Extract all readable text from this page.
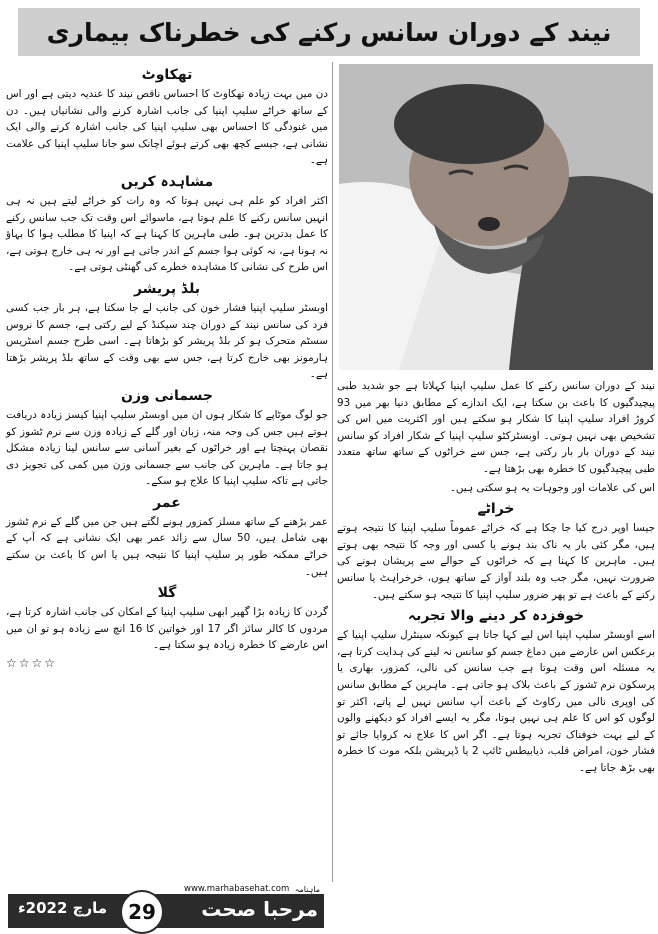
نیند کے دوران سانس رکنے کی خطرناک بیماری
تھکاوٹ

دن میں بہت زیادہ تھکاوٹ کا احساس ناقص نیند کا عندیہ دیتی ہے اور اس کے ساتھ خراٹے سلیپ اپنیا کی جانب اشارہ کرنے والی نشانیاں ہیں۔ دن میں غنودگی کا احساس بھی سلیپ اپنیا کی جانب اشارہ کرنے والی ایک نشانی ہے، جیسے کچھ بھی کرتے ہوئے اچانک سو جانا سلیپ اپنیا کی علامت ہے۔

مشاہدہ کریں

اکثر افراد کو علم ہی نہیں ہوتا کہ وہ رات کو خراٹے لیتے ہیں نہ ہی انہیں سانس رکنے کا علم ہوتا ہے، ماسوائے اس وقت تک جب سانس رکنے کا عمل بدترین ہو۔ طبی ماہرین کا کہنا ہے کہ اپنیا کا مطلب ہوا کا بہاؤ نہ ہونا ہے، نہ کوئی ہوا جسم کے اندر جاتی ہے اور نہ ہی خارج ہوتی ہے، اس طرح کی نشانی کا مشاہدہ خطرے کی گھنٹی ہوتی ہے۔

بلڈ پریشر

اوبسٹر سلیپ اپنیا فشار خون کی جانب لے جا سکتا ہے، ہر بار جب کسی فرد کی سانس نیند کے دوران چند سیکنڈ کے لیے رکتی ہے، جسم کا نروس سسٹم متحرک ہو کر بلڈ پریشر کو بڑھاتا ہے۔ اسی طرح جسم اسٹریس ہارمونز بھی خارج کرتا ہے، جس سے بھی وقت کے ساتھ بلڈ پریشر بڑھتا ہے۔

جسمانی وزن

جو لوگ موٹاپے کا شکار ہوں ان میں اوبسٹر سلیپ اپنیا کیسز زیادہ دریافت ہوتے ہیں جس کی وجہ منہ، زبان اور گلے کے زیادہ وزن سے نرم ٹشوز کو نقصان پہنچتا ہے اور خراٹوں کے بغیر آسانی سے سانس لینا زیادہ مشکل ہو جاتا ہے۔ ماہرین کی جانب سے جسمانی وزن میں کمی کی تجویز دی جاتی ہے تاکہ سلیپ اپنیا کا علاج ہو سکے۔

عمر

عمر بڑھنے کے ساتھ مسلز کمزور ہونے لگتے ہیں جن میں گلے کے نرم ٹشوز بھی شامل ہیں، 50 سال سے زائد عمر بھی ایک نشانی ہے کہ آپ کے خراٹے ممکنہ طور پر سلیپ اپنیا کا نتیجہ ہیں یا اس کا باعث بن سکتے ہیں۔

گلا

گردن کا زیادہ بڑا گھیر ابھی سلیپ اپنیا کے امکان کی جانب اشارہ کرتا ہے، مردوں کا کالر سائز اگر 17 اور خواتین کا 16 انچ سے زیادہ ہو تو ان میں اس عارضے کا خطرہ زیادہ ہو سکتا ہے۔

☆☆☆☆

نیند کے دوران سانس رکنے کا عمل سلیپ اپنیا کہلاتا ہے جو شدید طبی پیچیدگیوں کا باعث بن سکتا ہے، ایک اندازے کے مطابق دنیا بھر میں 93 کروڑ افراد سلیپ اپنیا کا شکار ہو سکتے ہیں اور اکثریت میں اس کی تشخیص بھی نہیں ہوتی۔ اوبسٹرکٹو سلیپ اپنیا کے شکار افراد کو سانس نیند کے دوران بار بار رکتی ہے، جس سے خراٹوں کے ساتھ ساتھ متعدد طبی پیچیدگیوں کا خطرہ بھی بڑھتا ہے۔

اس کی علامات اور وجوہات یہ ہو سکتی ہیں۔

خراٹے

جیسا اوپر درج کیا جا چکا ہے کہ خراٹے عموماً سلیپ اپنیا کا نتیجہ ہوتے ہیں، مگر کئی بار یہ ناک بند ہونے یا کسی اور وجہ کا نتیجہ بھی ہوتے ہیں۔ ماہرین کا کہنا ہے کہ خراٹوں کے حوالے سے پریشان ہونے کی ضرورت نہیں، مگر جب وہ بلند آواز کے ساتھ ہوں، خرخراہٹ یا سانس رکنے کے باعث ہے تو پھر ضرور سلیپ اپنیا کا نتیجہ ہو سکتے ہیں۔

خوفزدہ کر دینے والا تجربہ

اسے اوبسٹر سلیپ اپنیا اس لیے کہا جاتا ہے کیونکہ سینٹرل سلیپ اپنیا کے برعکس اس عارضے میں دماغ جسم کو سانس نہ لینے کی ہدایت کرتا ہے، یہ مسئلہ اس وقت ہوتا ہے جب سانس کی نالی، کمزور، بھاری یا پرسکون نرم ٹشوز کے باعث بلاک ہو جاتی ہے۔ ماہرین کے مطابق سانس کی اوپری نالی میں رکاوٹ کے باعث آپ سانس نہیں لے پاتے، اکثر تو لوگوں کو اس کا علم ہی نہیں ہوتا، مگر یہ ایسے افراد کو دیکھنے والوں کے لیے بہت خوفناک تجربہ ہوتا ہے۔ اگر اس کا علاج نہ کروایا جائے تو فشار خون، امراض قلب، ذیابیطس ٹائپ 2 یا ڈپریشن بلکہ موت کا خطرہ بھی بڑھ جاتا ہے۔

www.marhabasehat.com ماہنامہ
مرحبا صحت
29
مارچ 2022ء
